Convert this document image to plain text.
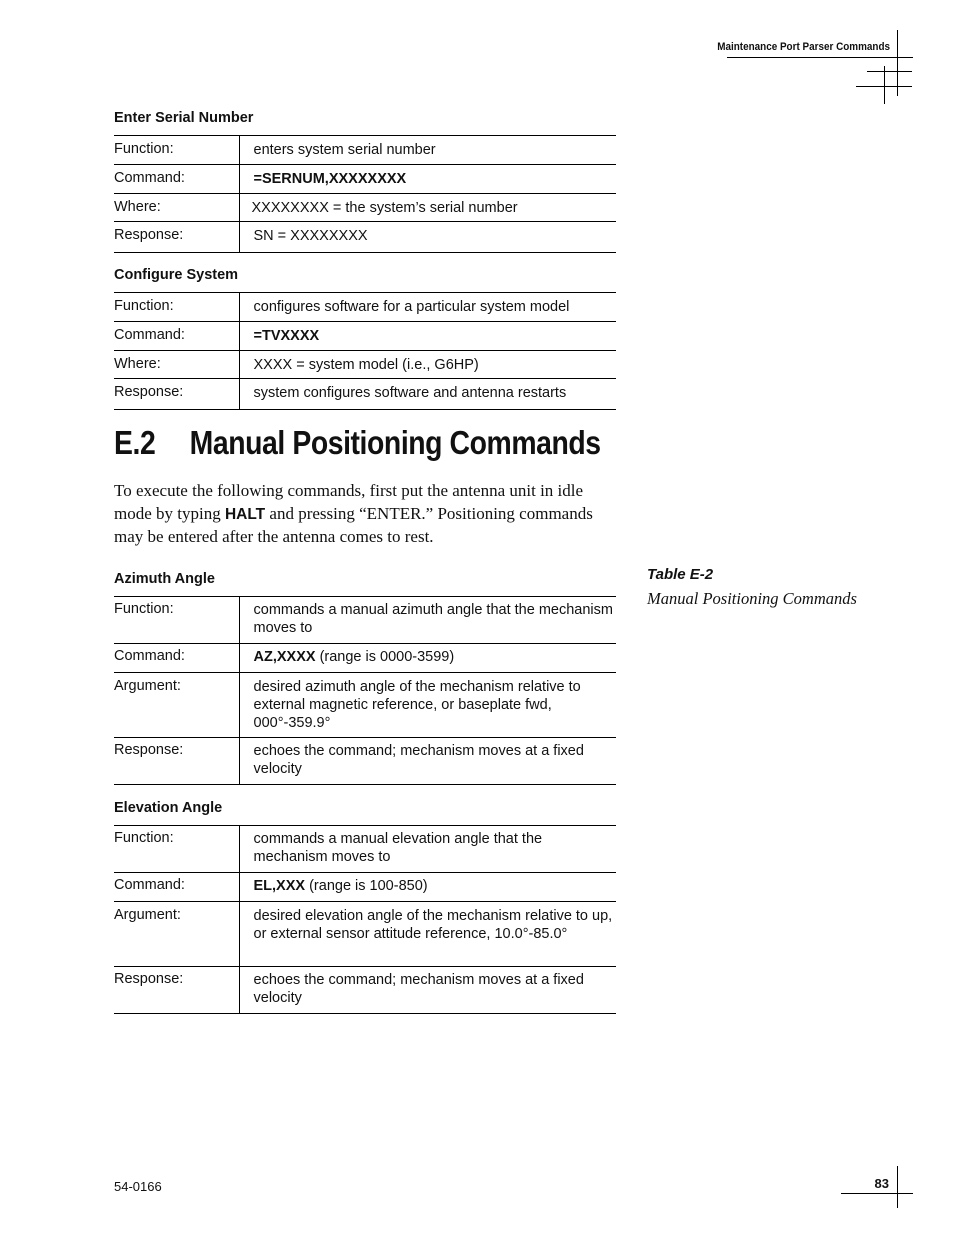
Maintenance Port Parser Commands
Enter Serial Number
Function:	enters system serial number
Command:	=SERNUM,XXXXXXXX
Where:	XXXXXXXX = the system’s serial number
Response:	SN = XXXXXXXX
Configure System
Function:	configures software for a particular system model
Command:	=TVXXXX
Where:	XXXX = system model (i.e., G6HP)
Response:	system configures software and antenna restarts
E.2 Manual Positioning Commands

To execute the following commands, first put the antenna unit in idle mode by typing HALT and pressing “ENTER.” Positioning commands may be entered after the antenna comes to rest.

Table E-2
Manual Positioning Commands
Azimuth Angle
Function:	commands a manual azimuth angle that the mechanism moves to
Command:	AZ,XXXX (range is 0000-3599)
Argument:	desired azimuth angle of the mechanism relative to external magnetic reference, or baseplate fwd, 000°-359.9°
Response:	echoes the command; mechanism moves at a fixed velocity
Elevation Angle
Function:	commands a manual elevation angle that the mechanism moves to
Command:	EL,XXX (range is 100-850)
Argument:	desired elevation angle of the mechanism relative to up, or external sensor attitude reference, 10.0°-85.0°
Response:	echoes the command; mechanism moves at a fixed velocity
54-0166	83
